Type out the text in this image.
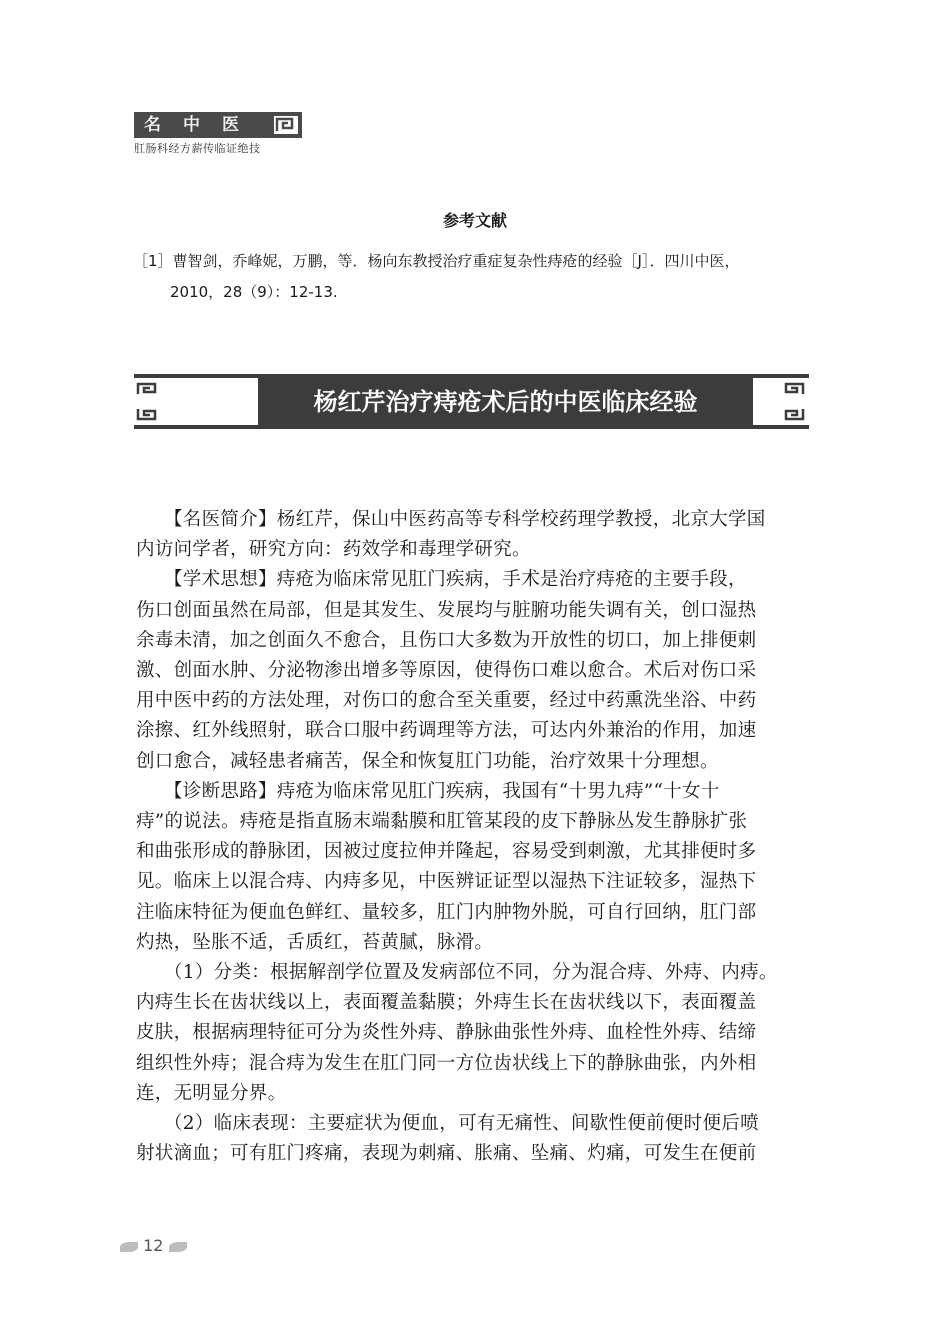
名中医
肛肠科经方薪传临证绝技
参考文献
［1］曹智剑，乔峰妮，万鹏，等．杨向东教授治疗重症复杂性痔疮的经验［J］．四川中医，
2010，28（9）：12-13.
杨红芹治疗痔疮术后的中医临床经验
【名医简介】杨红芹，保山中医药高等专科学校药理学教授，北京大学国
内访问学者，研究方向：药效学和毒理学研究。
【学术思想】痔疮为临床常见肛门疾病，手术是治疗痔疮的主要手段，
伤口创面虽然在局部，但是其发生、发展均与脏腑功能失调有关，创口湿热
余毒未清，加之创面久不愈合，且伤口大多数为开放性的切口，加上排便刺
激、创面水肿、分泌物渗出增多等原因，使得伤口难以愈合。术后对伤口采
用中医中药的方法处理，对伤口的愈合至关重要，经过中药熏洗坐浴、中药
涂擦、红外线照射，联合口服中药调理等方法，可达内外兼治的作用，加速
创口愈合，减轻患者痛苦，保全和恢复肛门功能，治疗效果十分理想。
【诊断思路】痔疮为临床常见肛门疾病，我国有“十男九痔”“十女十
痔”的说法。痔疮是指直肠末端黏膜和肛管某段的皮下静脉丛发生静脉扩张
和曲张形成的静脉团，因被过度拉伸并隆起，容易受到刺激，尤其排便时多
见。临床上以混合痔、内痔多见，中医辨证证型以湿热下注证较多，湿热下
注临床特征为便血色鲜红、量较多，肛门内肿物外脱，可自行回纳，肛门部
灼热，坠胀不适，舌质红，苔黄腻，脉滑。
（1）分类：根据解剖学位置及发病部位不同，分为混合痔、外痔、内痔。
内痔生长在齿状线以上，表面覆盖黏膜；外痔生长在齿状线以下，表面覆盖
皮肤，根据病理特征可分为炎性外痔、静脉曲张性外痔、血栓性外痔、结缔
组织性外痔；混合痔为发生在肛门同一方位齿状线上下的静脉曲张，内外相
连，无明显分界。
（2）临床表现：主要症状为便血，可有无痛性、间歇性便前便时便后喷
射状滴血；可有肛门疼痛，表现为刺痛、胀痛、坠痛、灼痛，可发生在便前
12
